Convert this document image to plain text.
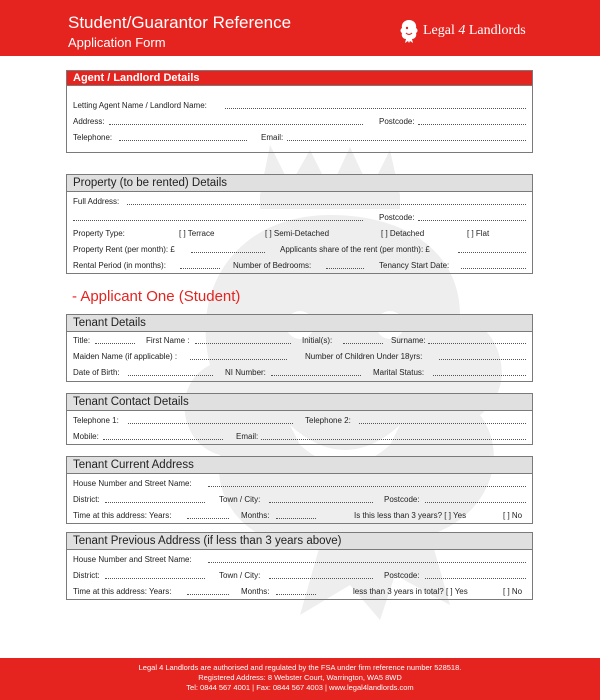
Student/Guarantor Reference
Application Form
Legal 4 Landlords
Agent / Landlord Details
Letting Agent Name / Landlord Name:
Address:	Postcode:
Telephone:	Email:
Property (to be rented) Details
Full Address:
Postcode:
Property Type:	[ ] Terrace	[ ] Semi-Detached	[ ] Detached	[ ] Flat
Property Rent (per month): £	Applicants share of the rent (per month): £
Rental Period (in months):	Number of Bedrooms:	Tenancy Start Date:
- Applicant One (Student)
Tenant Details
Title:	First Name :	Initial(s):	Surname:
Maiden Name (if applicable) :	Number of Children Under 18yrs:
Date of Birth:	NI Number:	Marital Status:
Tenant Contact Details
Telephone 1:	Telephone 2:
Mobile:	Email:
Tenant Current Address
House Number and Street Name:
District:	Town / City:	Postcode:
Time at this address: Years:	Months:	Is this less than 3 years? [ ] Yes	[ ] No
Tenant Previous Address (if less than 3 years above)
House Number and Street Name:
District:	Town / City:	Postcode:
Time at this address: Years:	Months:	less than 3 years in total? [ ] Yes	[ ] No
Legal 4 Landlords are authorised and regulated by the FSA under firm reference number 528518.
Registered Address: 8 Webster Court, Warrington, WA5 8WD
Tel: 0844 567 4001 | Fax: 0844 567 4003 | www.legal4landlords.com
